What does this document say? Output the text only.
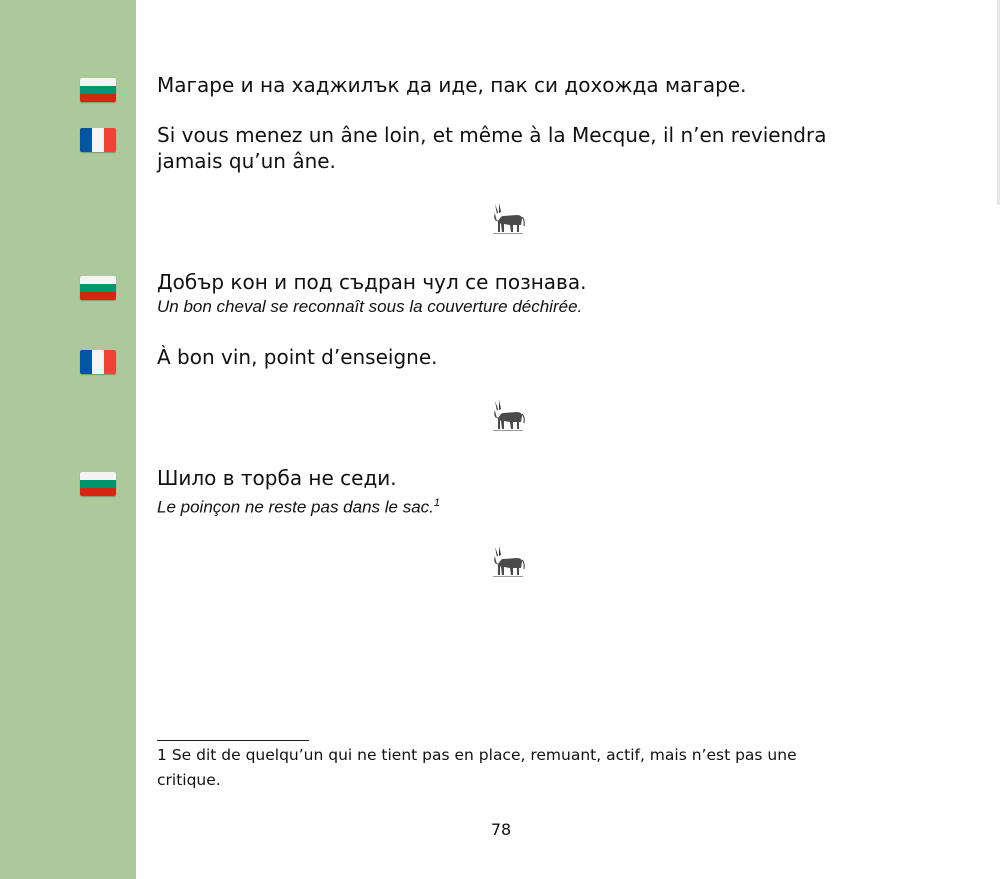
Магаре и на хаджилък да иде, пак си дохожда магаре.
Si vous menez un âne loin, et même à la Mecque, il n’en reviendra
jamais qu’un âne.
Добър кон и под съдран чул се познава.
Un bon cheval se reconnaît sous la couverture déchirée.
À bon vin, point d’enseigne.
Шило в торба не седи.
Le poinçon ne reste pas dans le sac.$^1$
1 Se dit de quelqu’un qui ne tient pas en place, remuant, actif, mais n’est pas une critique.
78
